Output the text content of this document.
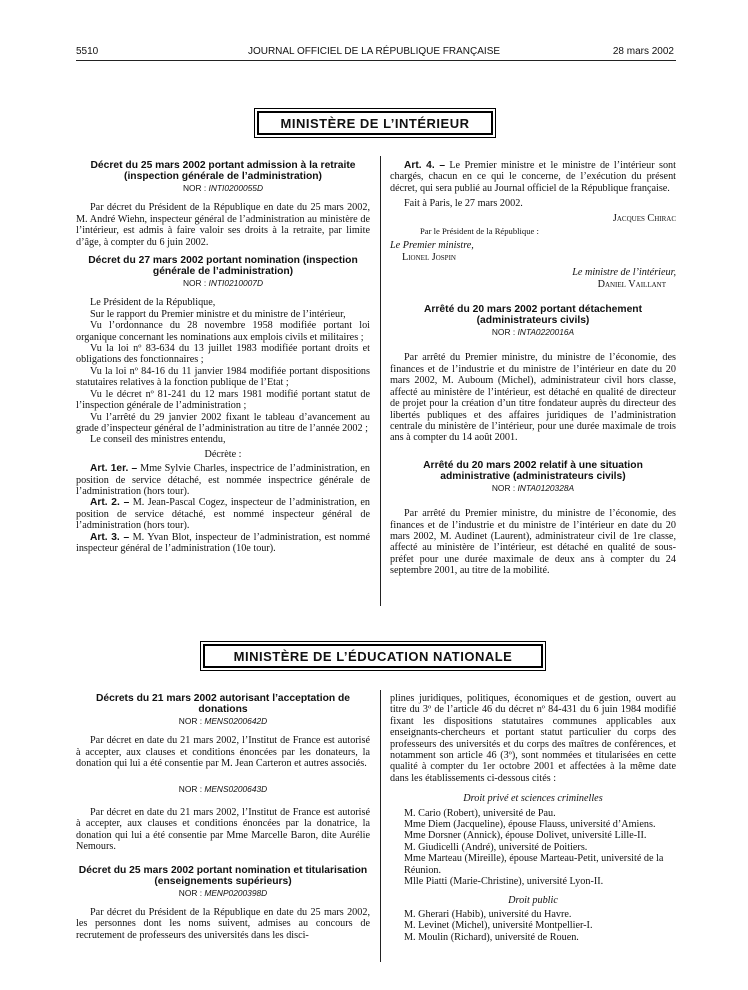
5510	JOURNAL OFFICIEL DE LA RÉPUBLIQUE FRANÇAISE	28 mars 2002
MINISTÈRE DE L’INTÉRIEUR
Décret du 25 mars 2002 portant admission à la retraite (inspection générale de l’administration)
NOR : INTI0200055D

Par décret du Président de la République en date du 25 mars 2002, M. André Wiehn, inspecteur général de l’administration au ministère de l’intérieur, est admis à faire valoir ses droits à la retraite, par limite d’âge, à compter du 6 juin 2002.

Décret du 27 mars 2002 portant nomination (inspection générale de l’administration)
NOR : INTI0210007D

Le Président de la République,

Sur le rapport du Premier ministre et du ministre de l’intérieur,

Vu l’ordonnance du 28 novembre 1958 modifiée portant loi organique concernant les nominations aux emplois civils et militaires ;

Vu la loi nº 83-634 du 13 juillet 1983 modifiée portant droits et obligations des fonctionnaires ;

Vu la loi nº 84-16 du 11 janvier 1984 modifiée portant dispositions statutaires relatives à la fonction publique de l’Etat ;

Vu le décret nº 81-241 du 12 mars 1981 modifié portant statut de l’inspection générale de l’administration ;

Vu l’arrêté du 29 janvier 2002 fixant le tableau d’avancement au grade d’inspecteur général de l’administration au titre de l’année 2002 ;

Le conseil des ministres entendu,

Décrète :

Art. 1er. – Mme Sylvie Charles, inspectrice de l’administration, en position de service détaché, est nommée inspectrice générale de l’administration (hors tour).

Art. 2. – M. Jean-Pascal Cogez, inspecteur de l’administration, en position de service détaché, est nommé inspecteur général de l’administration (hors tour).

Art. 3. – M. Yvan Blot, inspecteur de l’administration, est nommé inspecteur général de l’administration (10e tour).

Art. 4. – Le Premier ministre et le ministre de l’intérieur sont chargés, chacun en ce qui le concerne, de l’exécution du présent décret, qui sera publié au Journal officiel de la République française.

Fait à Paris, le 27 mars 2002.

Jacques Chirac
Par le Président de la République :
Le Premier ministre,
Lionel Jospin
Le ministre de l’intérieur,
Daniel Vaillant
Arrêté du 20 mars 2002 portant détachement (administrateurs civils)
NOR : INTA0220016A

Par arrêté du Premier ministre, du ministre de l’économie, des finances et de l’industrie et du ministre de l’intérieur en date du 20 mars 2002, M. Auboum (Michel), administrateur civil hors classe, affecté au ministère de l’intérieur, est détaché en qualité de directeur de projet pour la création d’un titre fondateur auprès du directeur des libertés publiques et des affaires juridiques de l’administration centrale du ministère de l’intérieur, pour une durée maximale de trois ans à compter du 14 août 2001.

Arrêté du 20 mars 2002 relatif à une situation administrative (administrateurs civils)
NOR : INTA0120328A

Par arrêté du Premier ministre, du ministre de l’économie, des finances et de l’industrie et du ministre de l’intérieur en date du 20 mars 2002, M. Audinet (Laurent), administrateur civil de 1re classe, affecté au ministère de l’intérieur, est détaché en qualité de sous-préfet pour une durée maximale de deux ans à compter du 24 septembre 2001, au titre de la mobilité.

MINISTÈRE DE L’ÉDUCATION NATIONALE
Décrets du 21 mars 2002 autorisant l’acceptation de donations
NOR : MENS0200642D

Par décret en date du 21 mars 2002, l’Institut de France est autorisé à accepter, aux clauses et conditions énoncées par les donateurs, la donation qui lui a été consentie par M. Jean Carteron et autres associés.

NOR : MENS0200643D

Par décret en date du 21 mars 2002, l’Institut de France est autorisé à accepter, aux clauses et conditions énoncées par la donatrice, la donation qui lui a été consentie par Mme Marcelle Baron, dite Aurélie Nemours.

Décret du 25 mars 2002 portant nomination et titularisation (enseignements supérieurs)
NOR : MENP0200398D

Par décret du Président de la République en date du 25 mars 2002, les personnes dont les noms suivent, admises au concours de recrutement de professeurs des universités dans les disci-

plines juridiques, politiques, économiques et de gestion, ouvert au titre du 3º de l’article 46 du décret nº 84-431 du 6 juin 1984 modifié fixant les dispositions statutaires communes applicables aux enseignants-chercheurs et portant statut particulier du corps des professeurs des universités et du corps des maîtres de conférences, et notamment son article 46 (3º), sont nommées et titularisées en cette qualité à compter du 1er octobre 2001 et affectées à la même date dans les établissements ci-dessous cités :

Droit privé et sciences criminelles

M. Cario (Robert), université de Pau.

Mme Diem (Jacqueline), épouse Flauss, université d’Amiens.

Mme Dorsner (Annick), épouse Dolivet, université Lille-II.

M. Giudicelli (André), université de Poitiers.

Mme Marteau (Mireille), épouse Marteau-Petit, université de la Réunion.

Mlle Piatti (Marie-Christine), université Lyon-II.

Droit public

M. Gherari (Habib), université du Havre.

M. Levinet (Michel), université Montpellier-I.

M. Moulin (Richard), université de Rouen.
